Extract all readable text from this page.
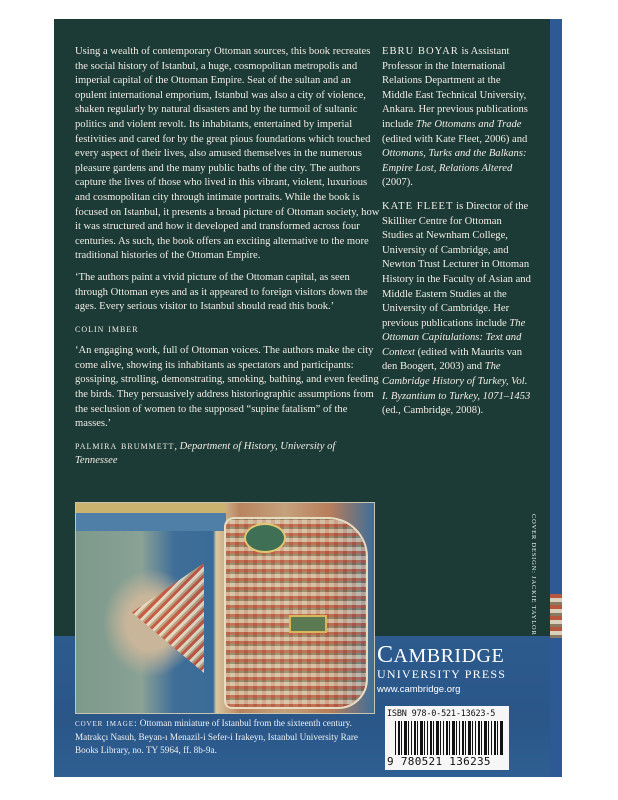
Using a wealth of contemporary Ottoman sources, this book recreates the social history of Istanbul, a huge, cosmopolitan metropolis and imperial capital of the Ottoman Empire. Seat of the sultan and an opulent international emporium, Istanbul was also a city of violence, shaken regularly by natural disasters and by the turmoil of sultanic politics and violent revolt. Its inhabitants, entertained by imperial festivities and cared for by the great pious foundations which touched every aspect of their lives, also amused themselves in the numerous pleasure gardens and the many public baths of the city. The authors capture the lives of those who lived in this vibrant, violent, luxurious and cosmopolitan city through intimate portraits. While the book is focused on Istanbul, it presents a broad picture of Ottoman society, how it was structured and how it developed and transformed across four centuries. As such, the book offers an exciting alternative to the more traditional histories of the Ottoman Empire.

‘The authors paint a vivid picture of the Ottoman capital, as seen through Ottoman eyes and as it appeared to foreign visitors down the ages. Every serious visitor to Istanbul should read this book.’

colin imber

‘An engaging work, full of Ottoman voices. The authors make the city come alive, showing its inhabitants as spectators and participants: gossiping, strolling, demonstrating, smoking, bathing, and even feeding the birds. They persuasively address historiographic assumptions from the seclusion of women to the supposed “supine fatalism” of the masses.’

palmira brummett, Department of History, University of Tennessee

EBRU BOYAR is Assistant Professor in the International Relations Department at the Middle East Technical University, Ankara. Her previous publications include The Ottomans and Trade (edited with Kate Fleet, 2006) and Ottomans, Turks and the Balkans: Empire Lost, Relations Altered (2007).

KATE FLEET is Director of the Skilliter Centre for Ottoman Studies at Newnham College, University of Cambridge, and Newton Trust Lecturer in Ottoman History in the Faculty of Asian and Middle Eastern Studies at the University of Cambridge. Her previous publications include The Ottoman Capitulations: Text and Context (edited with Maurits van den Boogert, 2003) and The Cambridge History of Turkey, Vol. I. Byzantium to Turkey, 1071–1453 (ed., Cambridge, 2008).

cover image: Ottoman miniature of Istanbul from the sixteenth century. Matrakçı Nasuh, Beyan-ı Menazil-i Sefer-i Irakeyn, Istanbul University Rare Books Library, no. TY 5964, ff. 8b-9a.
COVER DESIGN: JACKIE TAYLOR
CAMBRIDGE
UNIVERSITY PRESS
www.cambridge.org
ISBN 978-0-521-13623-5
9 780521 136235
